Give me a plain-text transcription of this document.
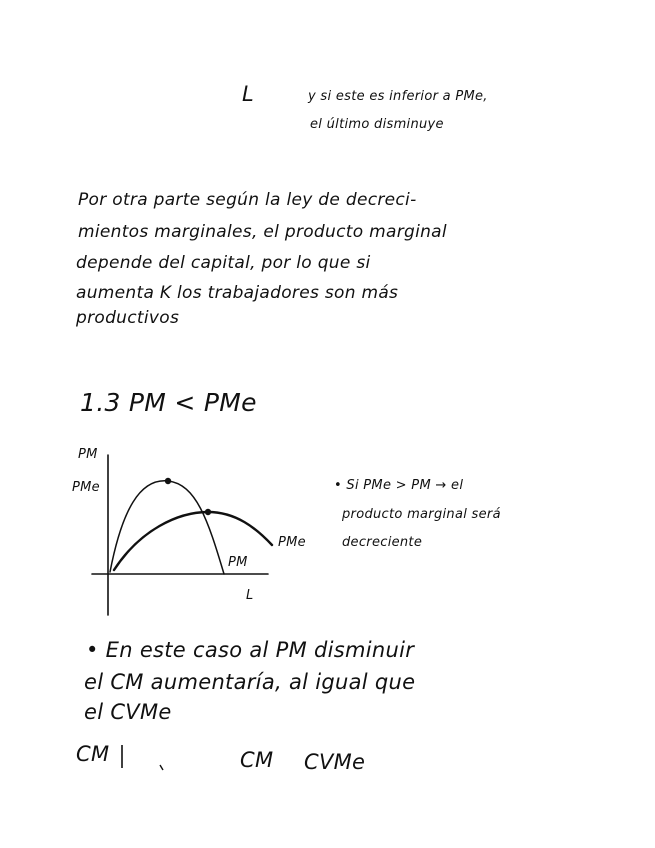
L	y si este es inferior a PMe,
el último disminuye
Por otra parte según la ley de decreci-
mientos marginales, el producto marginal
depende del capital, por lo que si
aumenta K los trabajadores son más
productivos
1.3 PM < PMe
PM
PMe
PM
PMe
L
• Si PMe > PM → el
producto marginal será
decreciente
• En este caso al PM disminuir
el CM aumentaría, al igual que
el CVMe
CM	CM CVMe
